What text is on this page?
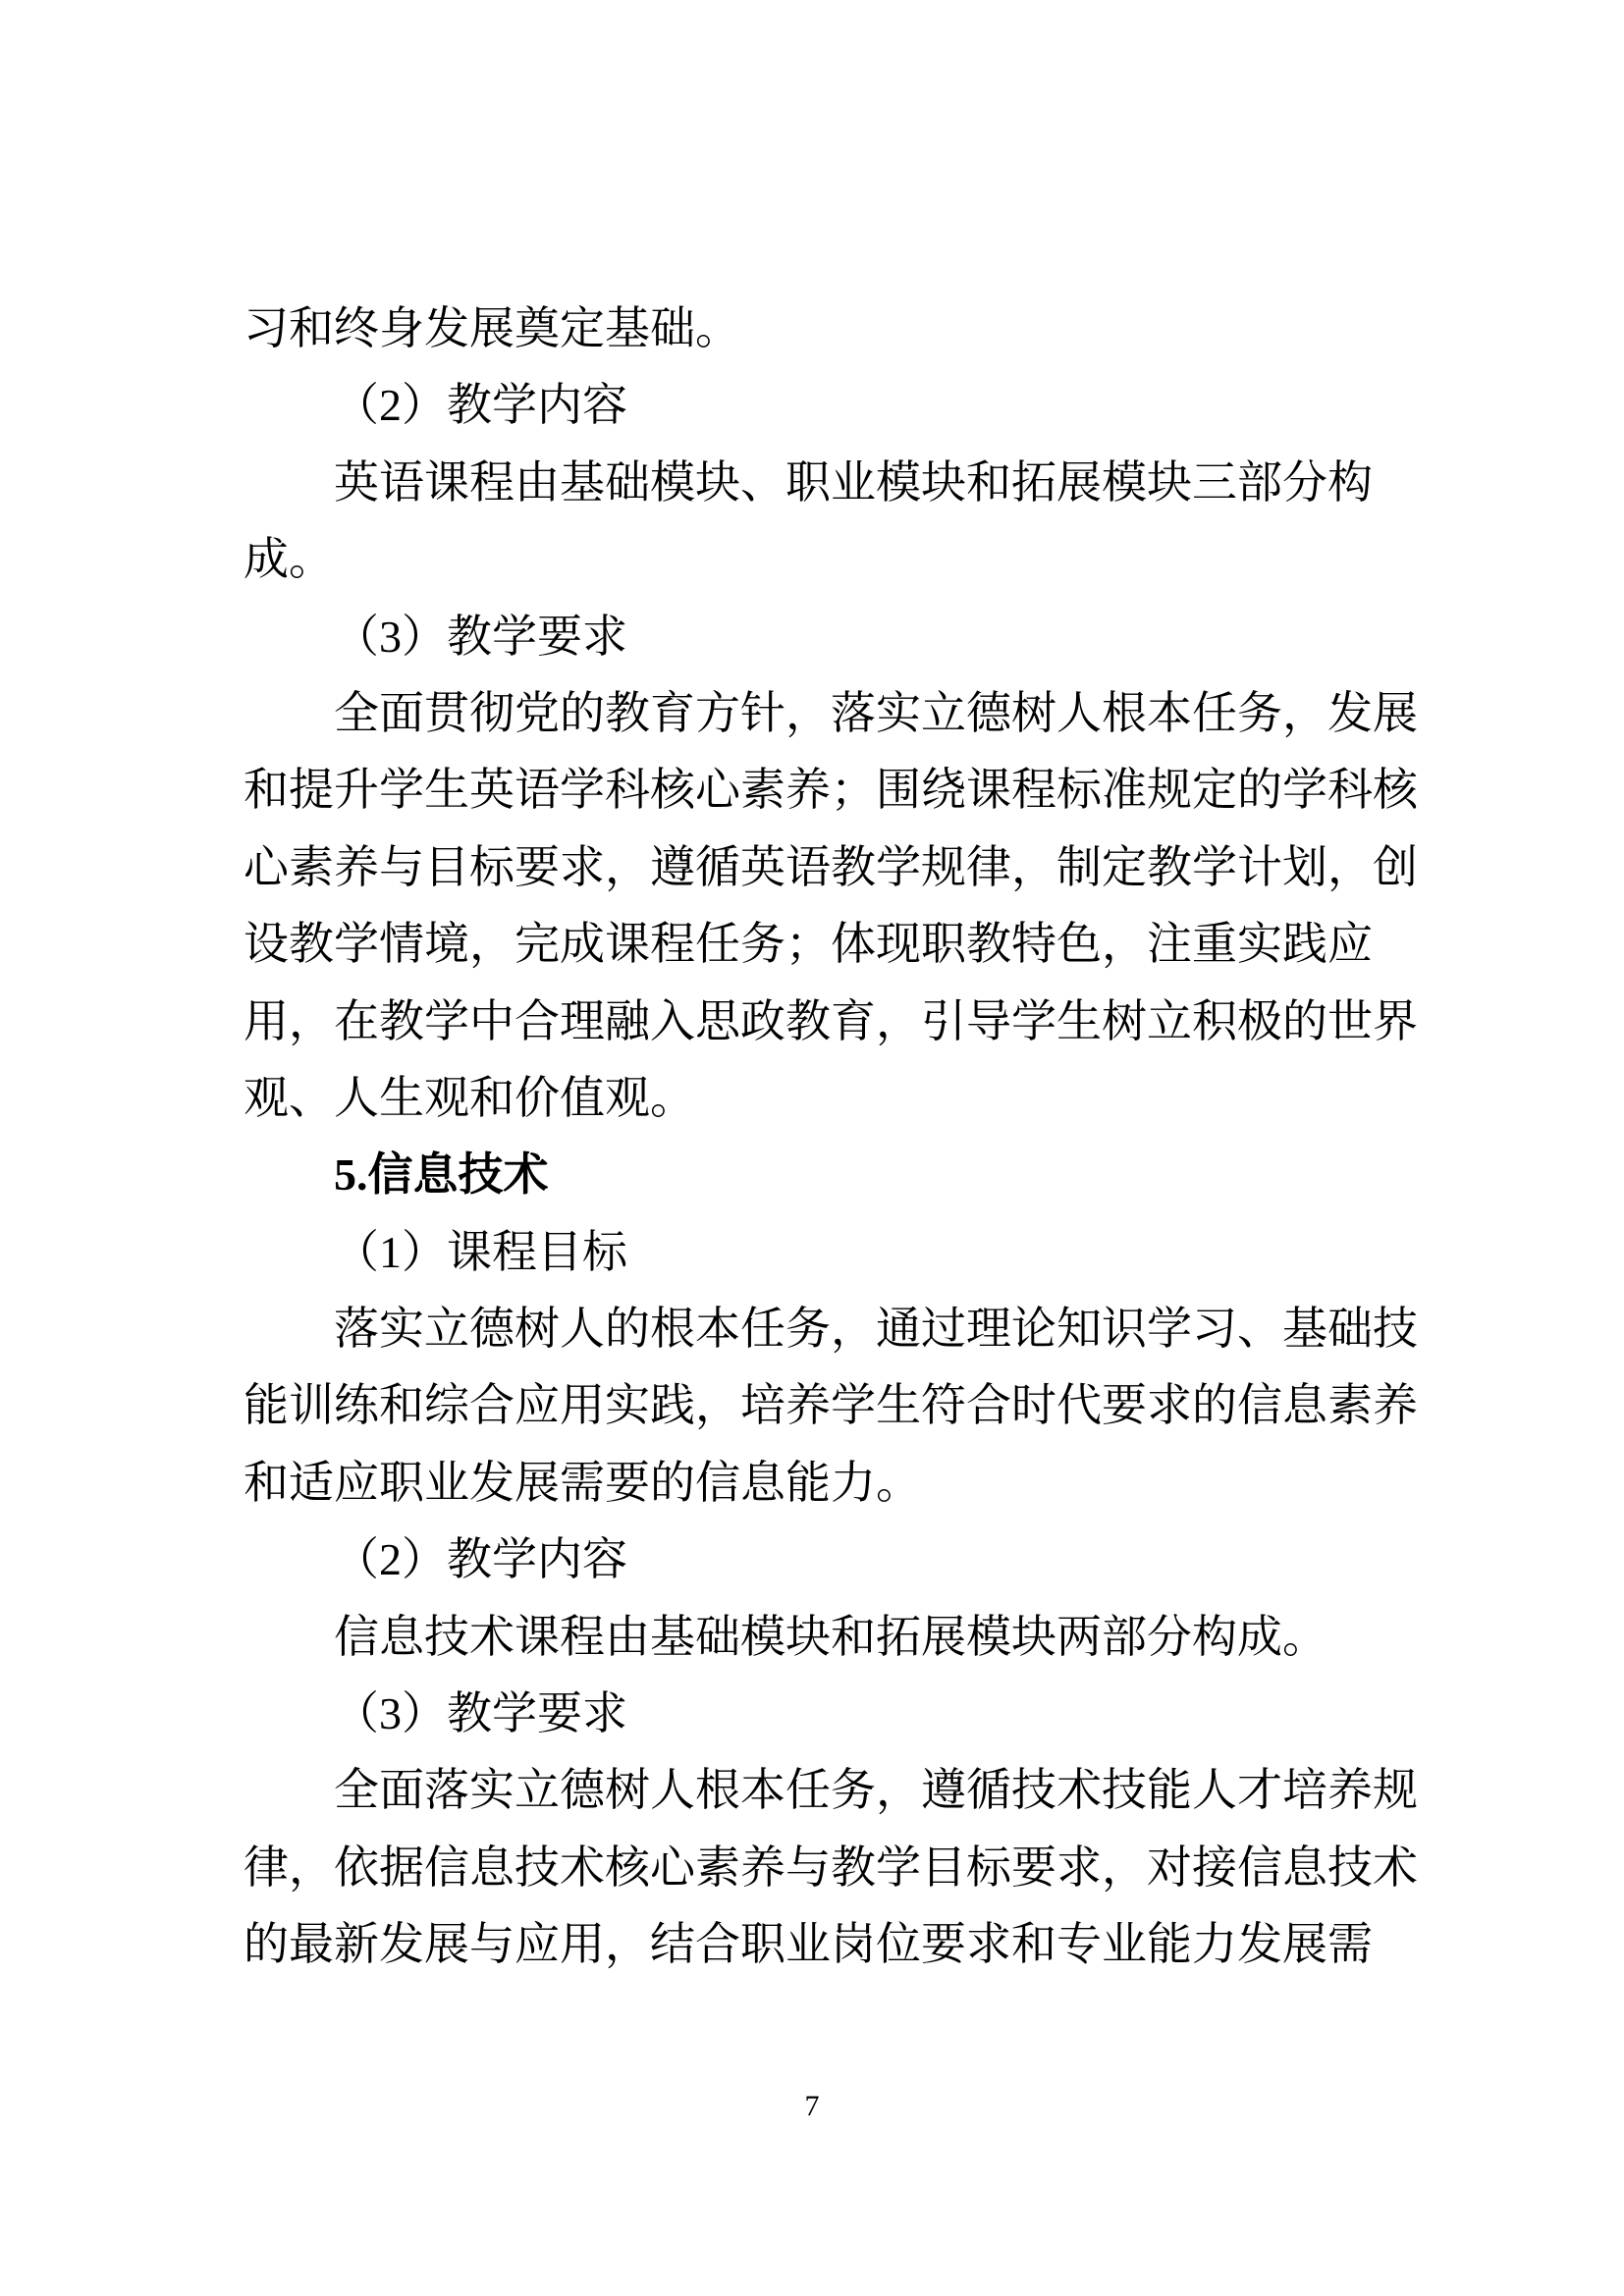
习和终身发展奠定基础。

（2）教学内容

英语课程由基础模块、职业模块和拓展模块三部分构

成。

（3）教学要求

全面贯彻党的教育方针，落实立德树人根本任务，发展

和提升学生英语学科核心素养；围绕课程标准规定的学科核

心素养与目标要求，遵循英语教学规律，制定教学计划，创

设教学情境，完成课程任务；体现职教特色，注重实践应

用，在教学中合理融入思政教育，引导学生树立积极的世界

观、人生观和价值观。

5.信息技术

（1）课程目标

落实立德树人的根本任务，通过理论知识学习、基础技

能训练和综合应用实践，培养学生符合时代要求的信息素养

和适应职业发展需要的信息能力。

（2）教学内容

信息技术课程由基础模块和拓展模块两部分构成。

（3）教学要求

全面落实立德树人根本任务，遵循技术技能人才培养规

律，依据信息技术核心素养与教学目标要求，对接信息技术

的最新发展与应用，结合职业岗位要求和专业能力发展需

7
